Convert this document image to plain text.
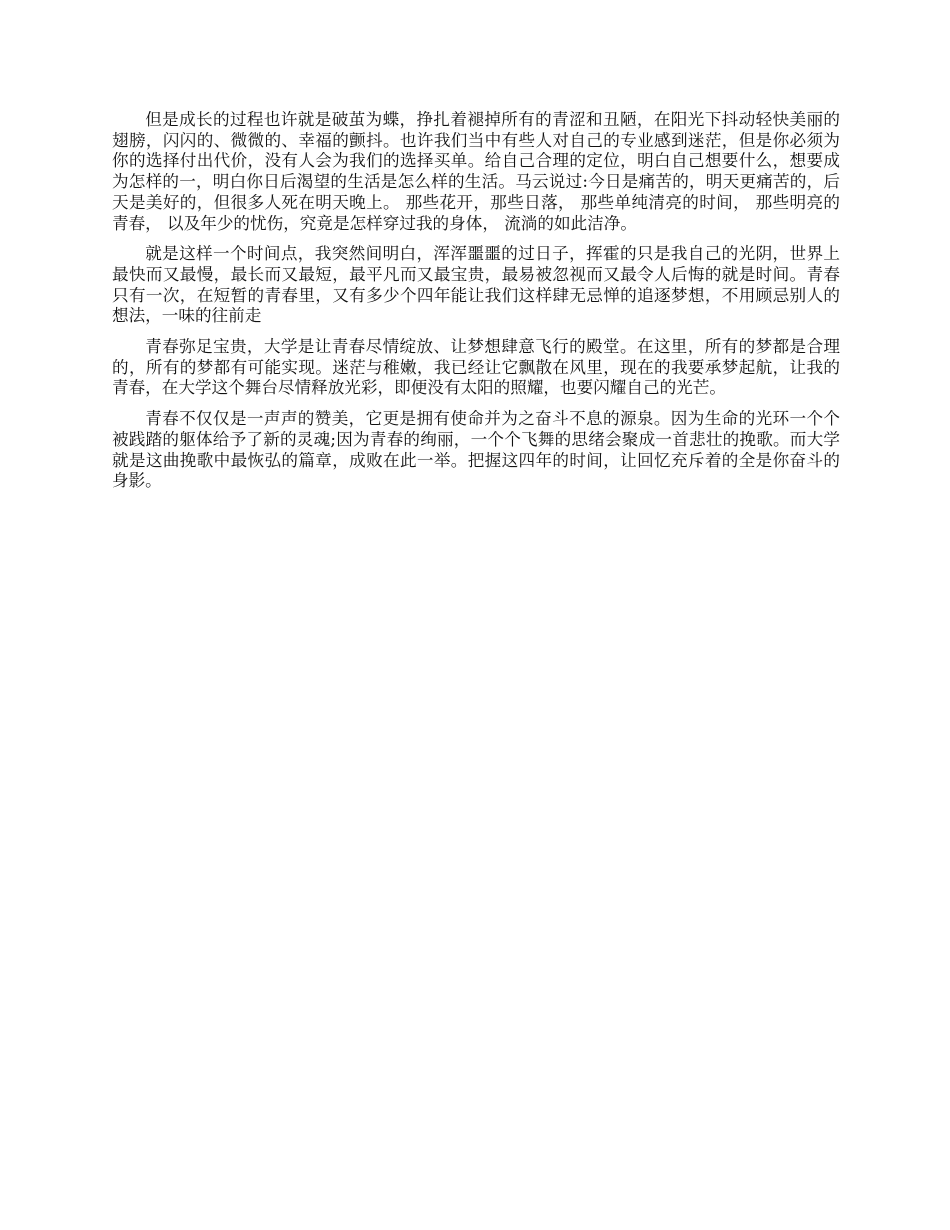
但是成长的过程也许就是破茧为蝶，挣扎着褪掉所有的青涩和丑陋，在阳光下抖动轻快美丽的翅膀，闪闪的、微微的、幸福的颤抖。也许我们当中有些人对自己的专业感到迷茫，但是你必须为你的选择付出代价，没有人会为我们的选择买单。给自己合理的定位，明白自己想要什么，想要成为怎样的一，明白你日后渴望的生活是怎么样的生活。马云说过:今日是痛苦的，明天更痛苦的，后天是美好的，但很多人死在明天晚上。 那些花开，那些日落， 那些单纯清亮的时间， 那些明亮的青春， 以及年少的忧伤，究竟是怎样穿过我的身体， 流淌的如此洁净。

就是这样一个时间点，我突然间明白，浑浑噩噩的过日子，挥霍的只是我自己的光阴，世界上最快而又最慢，最长而又最短，最平凡而又最宝贵，最易被忽视而又最令人后悔的就是时间。青春只有一次，在短暂的青春里，又有多少个四年能让我们这样肆无忌惮的追逐梦想，不用顾忌别人的想法，一味的往前走

青春弥足宝贵，大学是让青春尽情绽放、让梦想肆意飞行的殿堂。在这里，所有的梦都是合理的，所有的梦都有可能实现。迷茫与稚嫩，我已经让它飘散在风里，现在的我要承梦起航，让我的青春，在大学这个舞台尽情释放光彩，即便没有太阳的照耀，也要闪耀自己的光芒。

青春不仅仅是一声声的赞美，它更是拥有使命并为之奋斗不息的源泉。因为生命的光环一个个被践踏的躯体给予了新的灵魂;因为青春的绚丽，一个个飞舞的思绪会聚成一首悲壮的挽歌。而大学就是这曲挽歌中最恢弘的篇章，成败在此一举。把握这四年的时间，让回忆充斥着的全是你奋斗的身影。
